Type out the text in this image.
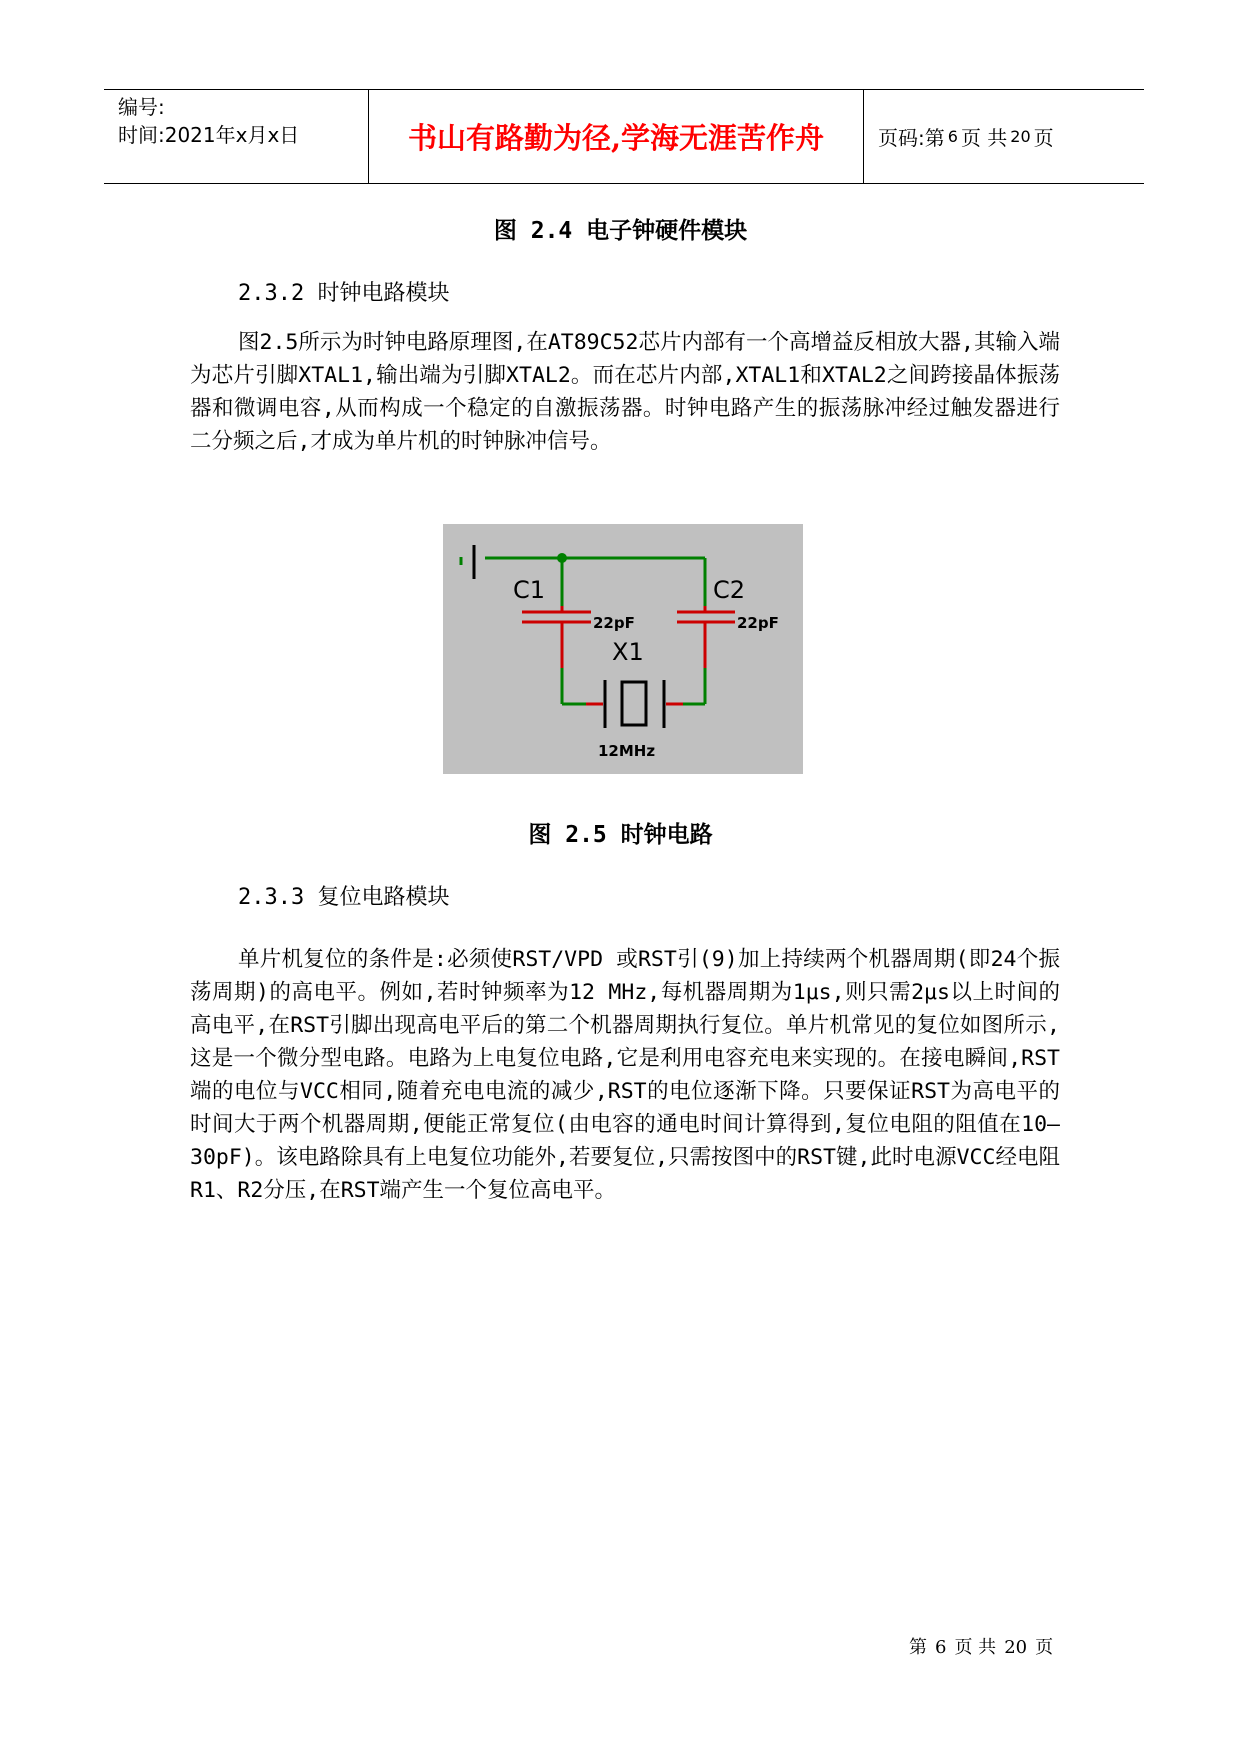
编号:
时间:2021年x月x日	书山有路勤为径,学海无涯苦作舟	页码:第 6 页 共 20 页
图 2.4 电子钟硬件模块
2.3.2 时钟电路模块
图2.5所示为时钟电路原理图,在AT89C52芯片内部有一个高增益反相放大器,其输入端为芯片引脚XTAL1,输出端为引脚XTAL2。而在芯片内部,XTAL1和XTAL2之间跨接晶体振荡器和微调电容,从而构成一个稳定的自激振荡器。时钟电路产生的振荡脉冲经过触发器进行二分频之后,才成为单片机的时钟脉冲信号。
C1	C2
22pF	22pF
X1
12MHz
图 2.5 时钟电路
2.3.3 复位电路模块
单片机复位的条件是:必须使RST/VPD 或RST引(9)加上持续两个机器周期(即24个振荡周期)的高电平。例如,若时钟频率为12 MHz,每机器周期为1μs,则只需2μs以上时间的高电平,在RST引脚出现高电平后的第二个机器周期执行复位。单片机常见的复位如图所示,这是一个微分型电路。电路为上电复位电路,它是利用电容充电来实现的。在接电瞬间,RST端的电位与VCC相同,随着充电电流的减少,RST的电位逐渐下降。只要保证RST为高电平的时间大于两个机器周期,便能正常复位(由电容的通电时间计算得到,复位电阻的阻值在10—30pF)。该电路除具有上电复位功能外,若要复位,只需按图中的RST键,此时电源VCC经电阻R1、R2分压,在RST端产生一个复位高电平。
第 6 页 共 20 页
